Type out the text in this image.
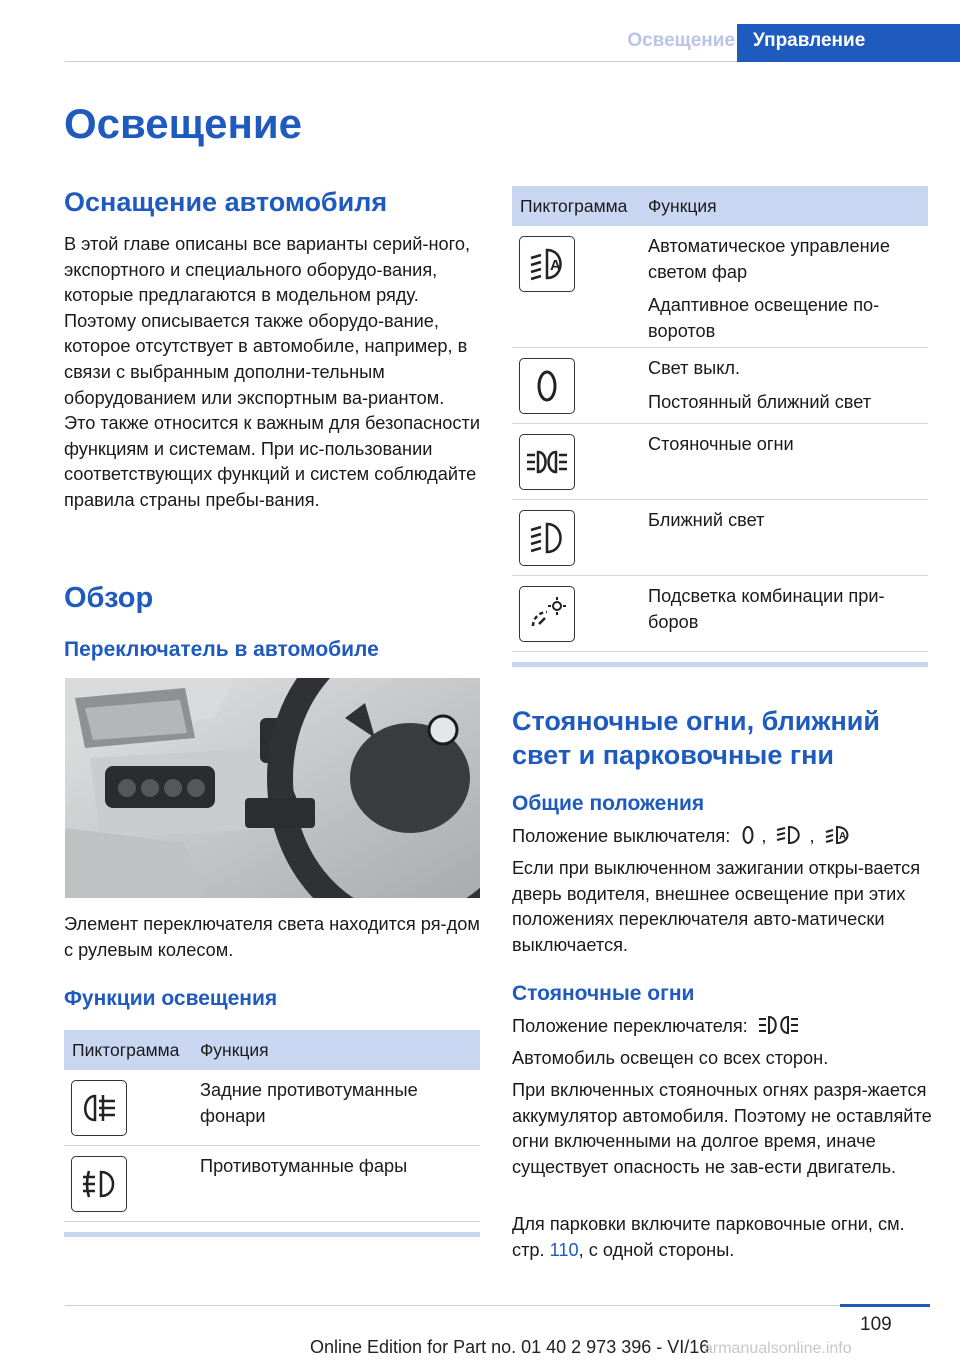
Освещение Управление
Освещение
Оснащение автомобиля
В этой главе описаны все варианты серий-ного, экспортного и специального оборудо-вания, которые предлагаются в модельном ряду. Поэтому описывается также оборудо-вание, которое отсутствует в автомобиле, например, в связи с выбранным дополни-тельным оборудованием или экспортным ва-риантом. Это также относится к важным для безопасности функциям и системам. При ис-пользовании соответствующих функций и систем соблюдайте правила страны пребы-вания.
Обзор
Переключатель в автомобиле
Элемент переключателя света находится ря-дом с рулевым колесом.
Функции освещения
Пиктограмма	Функция
Задние противотуманные фонари
Противотуманные фары
Пиктограмма	Функция
A
Автоматическое управление светом фар
Адаптивное освещение по-воротов
Свет выкл.
Постоянный ближний свет
Стояночные огни
Ближний свет
Подсветка комбинации при-боров
Стояночные огни, ближний свет и парковочные гни
Общие положения
Положение выключателя: , , A
Если при выключенном зажигании откры-вается дверь водителя, внешнее освещение при этих положениях переключателя авто-матически выключается.
Стояночные огни
Положение переключателя:
Автомобиль освещен со всех сторон.
При включенных стояночных огнях разря-жается аккумулятор автомобиля. Поэтому не оставляйте огни включенными на долгое время, иначе существует опасность не зав-ести двигатель.
Для парковки включите парковочные огни, см. стр. 110, с одной стороны.
109
Online Edition for Part no. 01 40 2 973 396 - VI/16
armanualsonline.info
